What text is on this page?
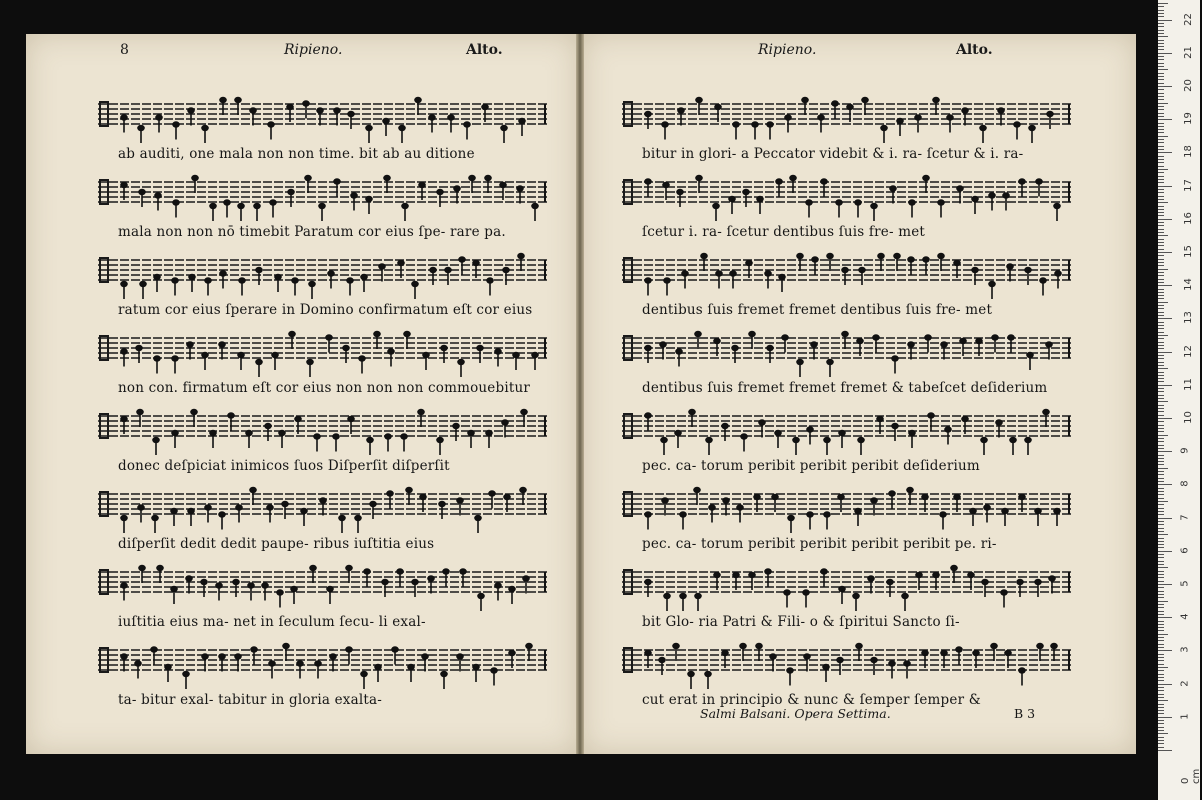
8	Ripieno.	Alto.	Ripieno.	Alto.
ab auditi, one mala non non time. bit ab au ditione
mala non non nō timebit Paratum cor eius ſpe- rare pa.
ratum cor eius ſperare in Domino confirmatum eſt cor eius
non con. firmatum eſt cor eius non non non commouebitur
donec deſpiciat inimicos ſuos Diſperſit diſperſit
diſperſit dedit dedit paupe- ribus iuſtitia eius
iuſtitia eius ma- net in ſeculum ſecu- li exal-
ta- bitur exal- tabitur in gloria exalta-
bitur in glori- a Peccator videbit & i. ra- ſcetur & i. ra-
ſcetur i. ra- ſcetur dentibus ſuis fre- met
dentibus ſuis fremet fremet dentibus ſuis fre- met
dentibus ſuis fremet fremet fremet & tabeſcet deſiderium
pec. ca- torum peribit peribit peribit deſiderium
pec. ca- torum peribit peribit peribit peribit pe. ri-
bit Glo- ria Patri & Fili- o & ſpiritui Sancto ſi-
cut erat in principio & nunc & ſemper ſemper &
Salmi Balsani. Opera Settima.	B 3
0 cm
1
2
3
4
5
6
7
8
9
10
11
12
13
14
15
16
17
18
19
20
21
22
